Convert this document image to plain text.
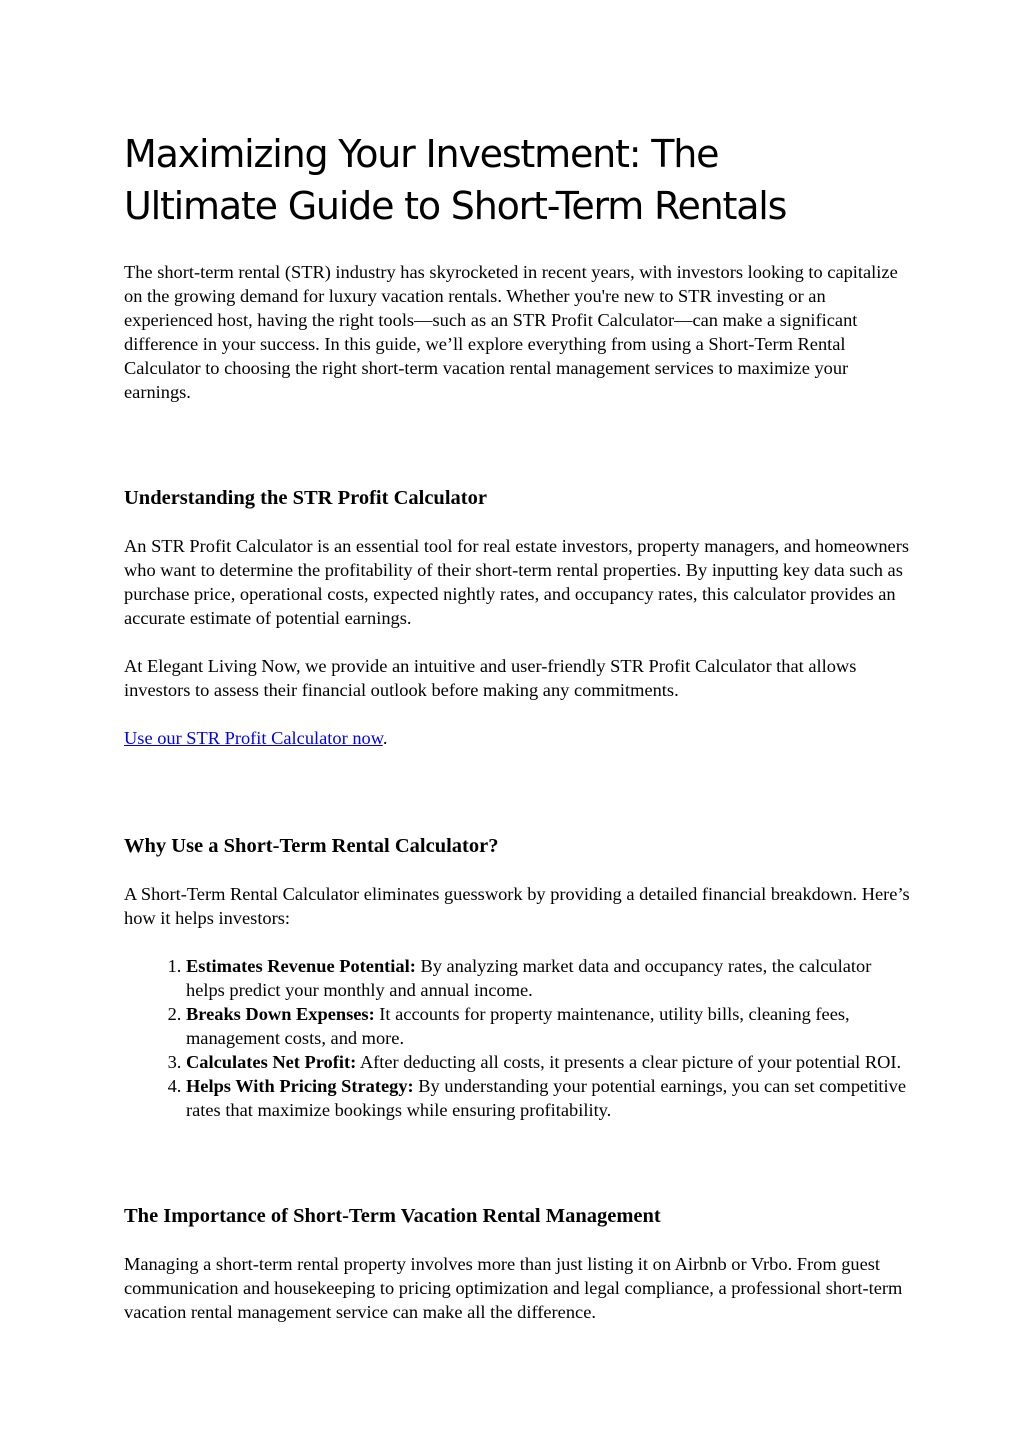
Maximizing Your Investment: The
Ultimate Guide to Short-Term Rentals

The short-term rental (STR) industry has skyrocketed in recent years, with investors looking to capitalize on the growing demand for luxury vacation rentals. Whether you're new to STR investing or an experienced host, having the right tools—such as an STR Profit Calculator—can make a significant difference in your success. In this guide, we’ll explore everything from using a Short-Term Rental Calculator to choosing the right short-term vacation rental management services to maximize your earnings.

Understanding the STR Profit Calculator

An STR Profit Calculator is an essential tool for real estate investors, property managers, and homeowners who want to determine the profitability of their short-term rental properties. By inputting key data such as purchase price, operational costs, expected nightly rates, and occupancy rates, this calculator provides an accurate estimate of potential earnings.

At Elegant Living Now, we provide an intuitive and user-friendly STR Profit Calculator that allows investors to assess their financial outlook before making any commitments.

Use our STR Profit Calculator now.

Why Use a Short-Term Rental Calculator?

A Short-Term Rental Calculator eliminates guesswork by providing a detailed financial breakdown. Here’s how it helps investors:

1. Estimates Revenue Potential: By analyzing market data and occupancy rates, the calculator helps predict your monthly and annual income.
2. Breaks Down Expenses: It accounts for property maintenance, utility bills, cleaning fees, management costs, and more.
3. Calculates Net Profit: After deducting all costs, it presents a clear picture of your potential ROI.
4. Helps With Pricing Strategy: By understanding your potential earnings, you can set competitive rates that maximize bookings while ensuring profitability.
The Importance of Short-Term Vacation Rental Management

Managing a short-term rental property involves more than just listing it on Airbnb or Vrbo. From guest communication and housekeeping to pricing optimization and legal compliance, a professional short-term vacation rental management service can make all the difference.
